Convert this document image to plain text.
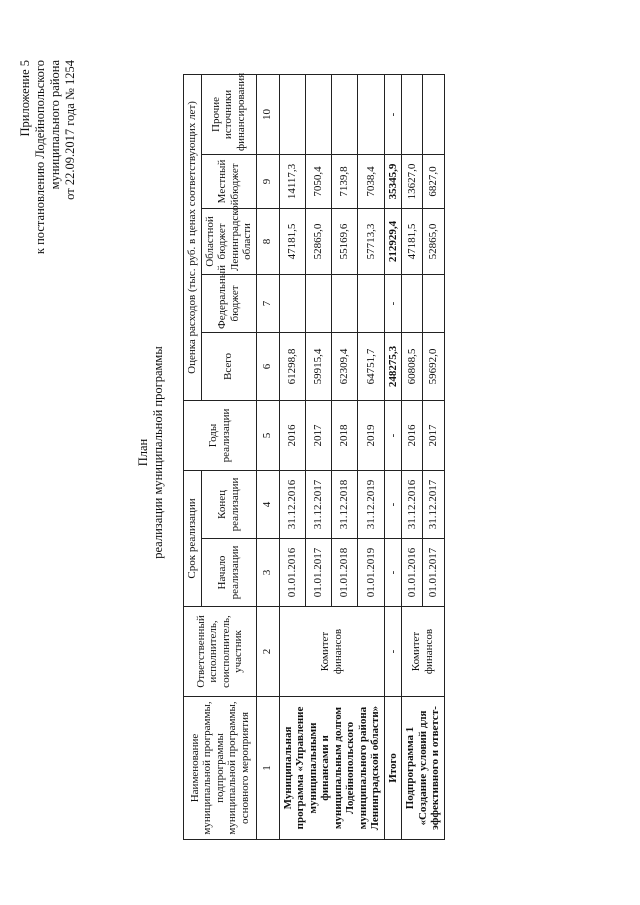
Приложение 5 к постановлению Лодейнопольского муниципального района от 22.09.2017 года № 1254
План реализации муниципальной программы
Наименование муниципальной программы, подпрограммы муниципальной программы, основного мероприятия	Ответственный исполнитель, соисполнитель, участник	Срок реализации		Годы реализации	Оценка расходов (тыс. руб. в ценах соответствующих лет)				
		Начало реализации	Конец реализации		Всего	Федеральный бюджет	Областной бюджет Ленинградской области	Местный бюджет	Прочие источники финансирования
1	2	3	4	5	6	7	8	9	10
Муниципальная программа «Управление муниципальными финансами и муниципальным долгом Лодейнопольского муниципального района Ленинградской области»	Комитет финансов	01.01.2016	31.12.2016	2016	61298,8		47181,5	14117,3	
		01.01.2017	31.12.2017	2017	59915,4		52865,0	7050,4	
		01.01.2018	31.12.2018	2018	62309,4		55169,6	7139,8	
		01.01.2019	31.12.2019	2019	64751,7		57713,3	7038,4	
Итого	-	-	-	-	248275,3	-	212929,4	35345,9	-
Подпрограмма 1 «Создание условий для эффективного и ответст-	Комитет финансов	01.01.2016	31.12.2016	2016	60808,5		47181,5	13627,0	
		01.01.2017	31.12.2017	2017	59692,0		52865,0	6827,0	
